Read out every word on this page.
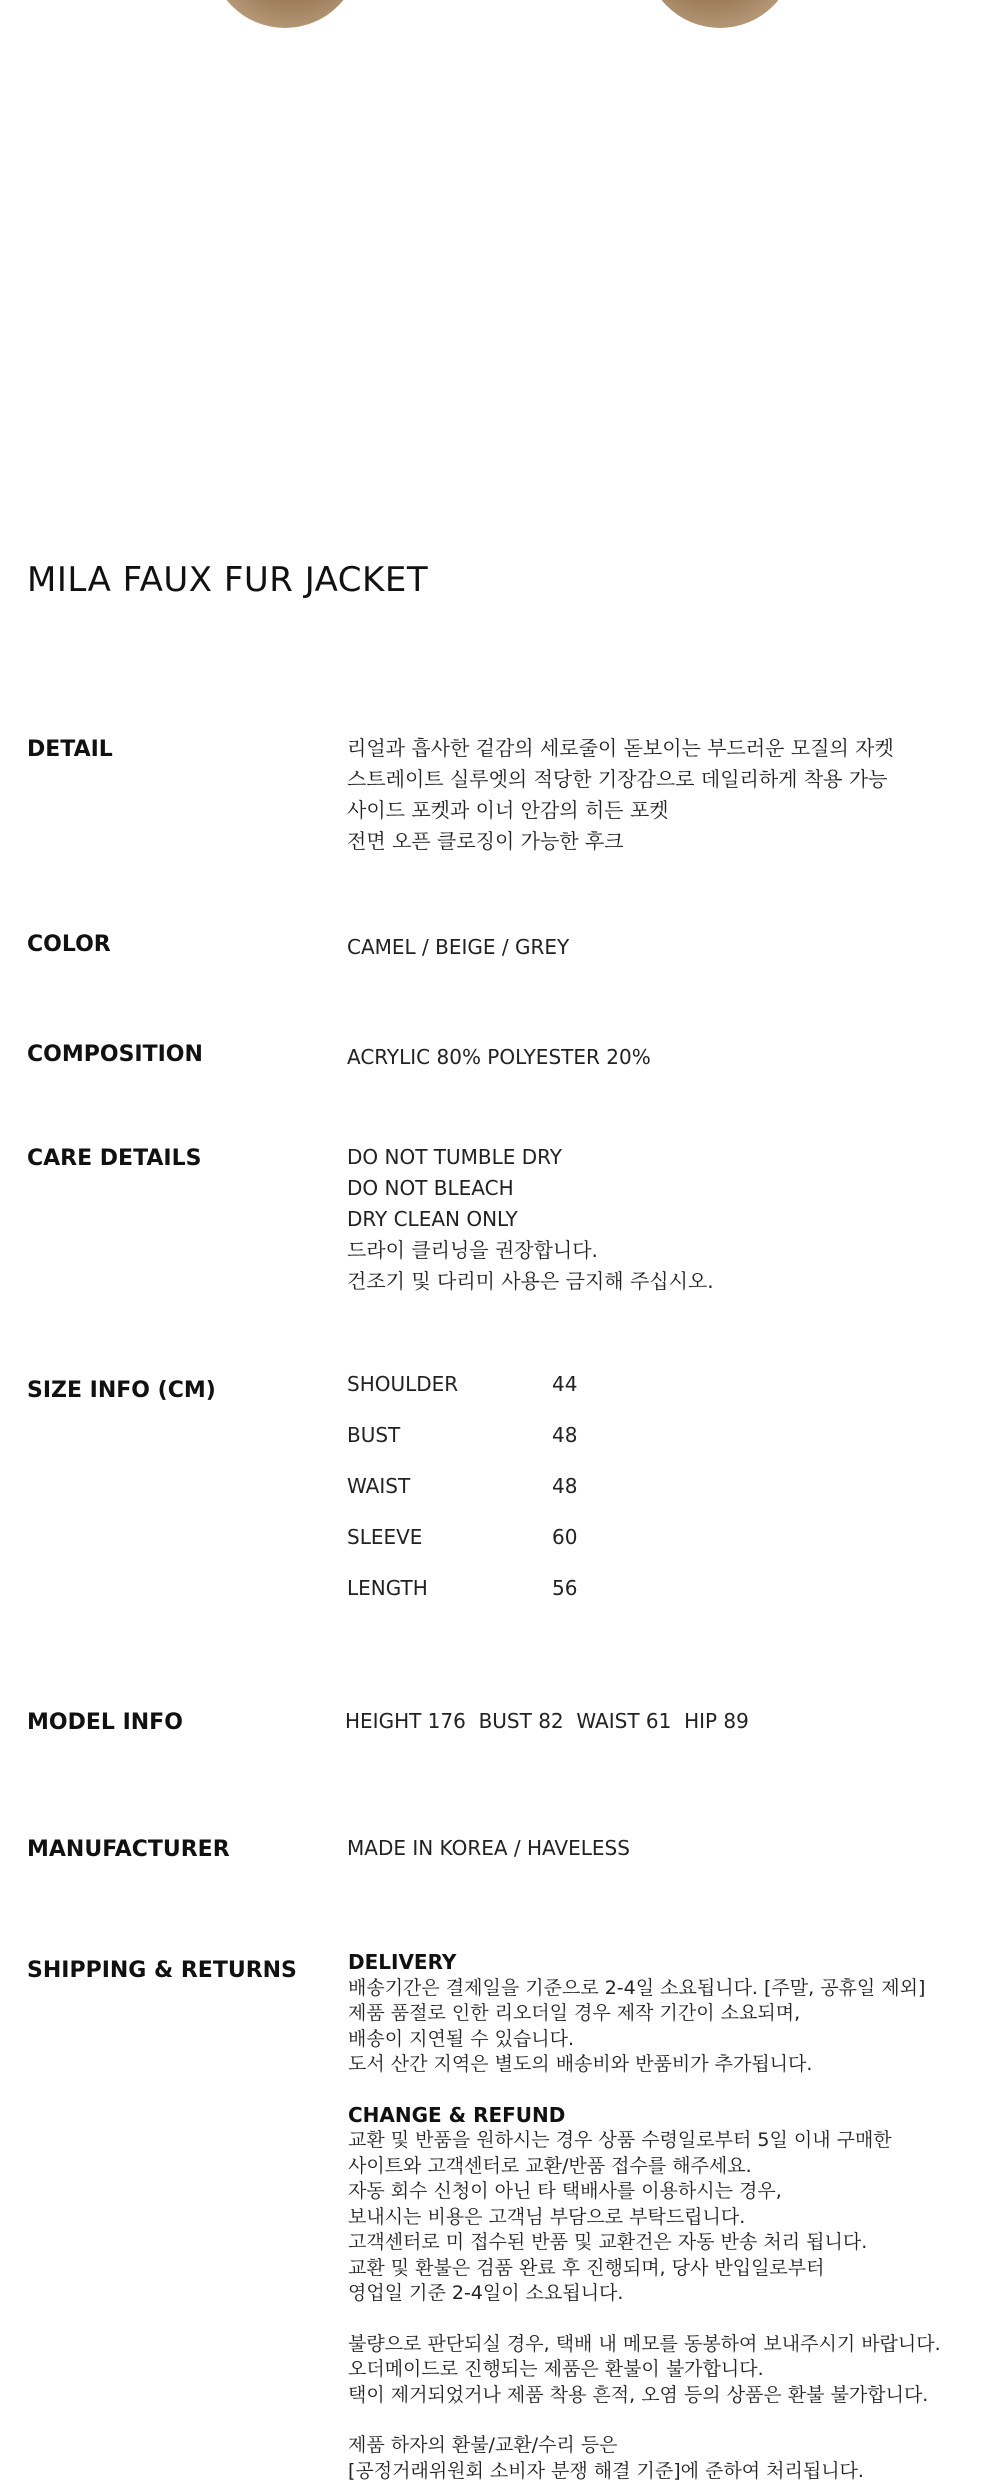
MILA FAUX FUR JACKET
DETAIL	리얼과 흡사한 겉감의 세로줄이 돋보이는 부드러운 모질의 자켓
스트레이트 실루엣의 적당한 기장감으로 데일리하게 착용 가능
사이드 포켓과 이너 안감의 히든 포켓
전면 오픈 클로징이 가능한 후크
COLOR	CAMEL / BEIGE / GREY
COMPOSITION	ACRYLIC 80% POLYESTER 20%
CARE DETAILS	DO NOT TUMBLE DRY
DO NOT BLEACH
DRY CLEAN ONLY
드라이 클리닝을 권장합니다.
건조기 및 다리미 사용은 금지해 주십시오.
SIZE INFO (CM)	SHOULDER	44
BUST	48
WAIST	48
SLEEVE	60
LENGTH	56
MODEL INFO	HEIGHT 176  BUST 82  WAIST 61  HIP 89
MANUFACTURER	MADE IN KOREA / HAVELESS
SHIPPING & RETURNS	DELIVERY
배송기간은 결제일을 기준으로 2-4일 소요됩니다. [주말, 공휴일 제외]
제품 품절로 인한 리오더일 경우 제작 기간이 소요되며,
배송이 지연될 수 있습니다.
도서 산간 지역은 별도의 배송비와 반품비가 추가됩니다.
CHANGE & REFUND
교환 및 반품을 원하시는 경우 상품 수령일로부터 5일 이내 구매한
사이트와 고객센터로 교환/반품 접수를 해주세요.
자동 회수 신청이 아닌 타 택배사를 이용하시는 경우,
보내시는 비용은 고객님 부담으로 부탁드립니다.
고객센터로 미 접수된 반품 및 교환건은 자동 반송 처리 됩니다.
교환 및 환불은 검품 완료 후 진행되며, 당사 반입일로부터
영업일 기준 2-4일이 소요됩니다.
불량으로 판단되실 경우, 택배 내 메모를 동봉하여 보내주시기 바랍니다.
오더메이드로 진행되는 제품은 환불이 불가합니다.
택이 제거되었거나 제품 착용 흔적, 오염 등의 상품은 환불 불가합니다.
제품 하자의 환불/교환/수리 등은
[공정거래위원회 소비자 분쟁 해결 기준]에 준하여 처리됩니다.
